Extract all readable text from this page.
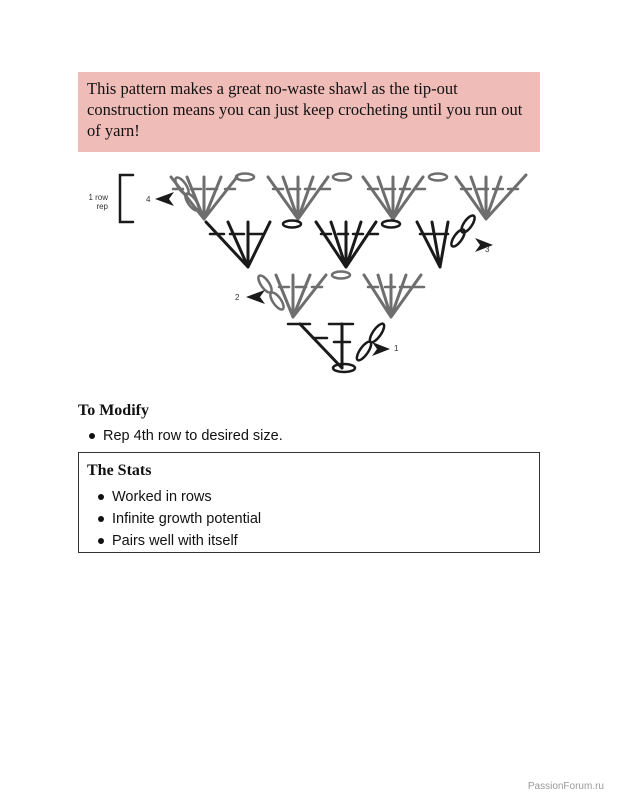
This pattern makes a great no-waste shawl as the tip-out construction means you can just keep crocheting until you run out of yarn!
1 row
rep
4
3
2
1
To Modify
Rep 4th row to desired size.
The Stats
Worked in rows
Infinite growth potential
Pairs well with itself
PassionForum.ru
